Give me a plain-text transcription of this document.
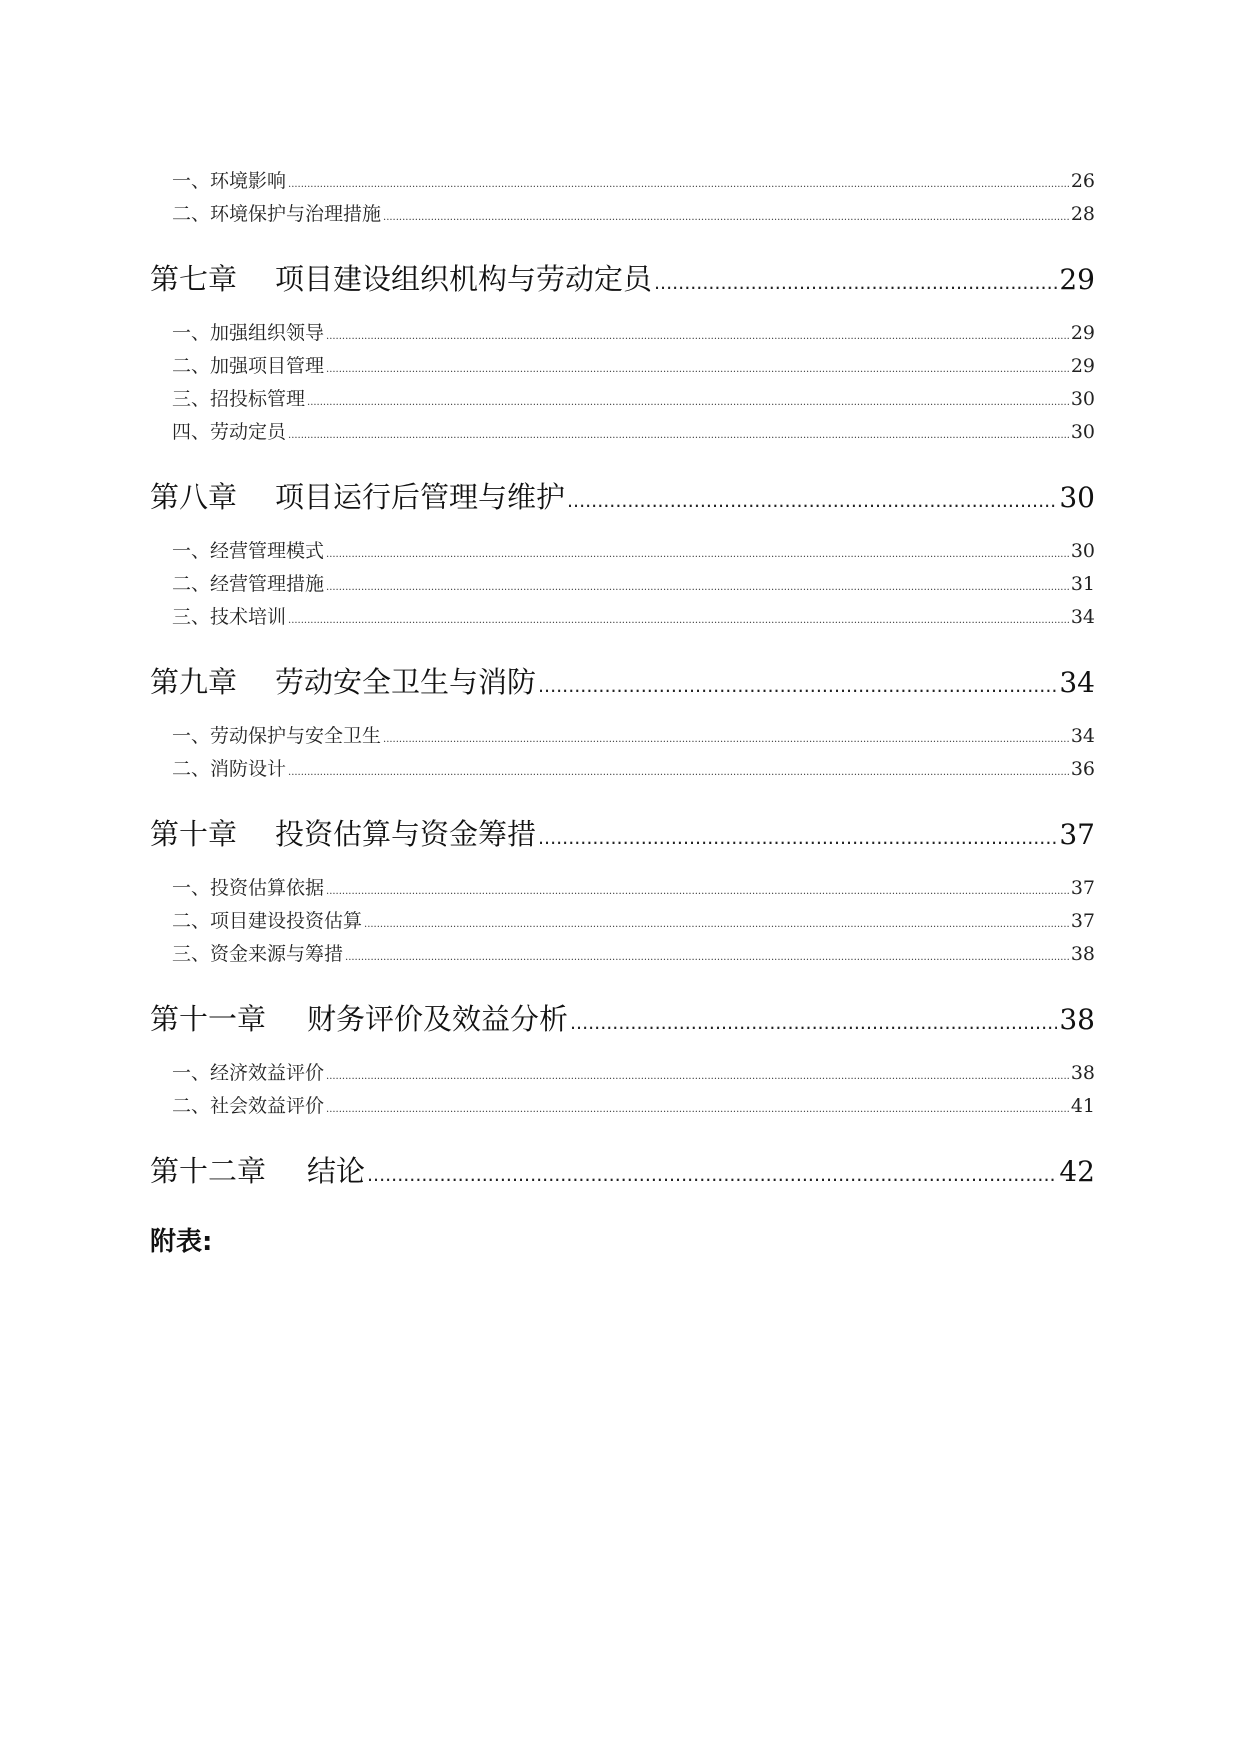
一、环境影响 .....	26
二、环境保护与治理措施 .....	28
第七章 项目建设组织机构与劳动定员 .....	29
一、加强组织领导 .....	29
二、加强项目管理 .....	29
三、招投标管理 .....	30
四、劳动定员 .....	30
第八章 项目运行后管理与维护 .....	30
一、经营管理模式 .....	30
二、经营管理措施 .....	31
三、技术培训 .....	34
第九章 劳动安全卫生与消防 .....	34
一、劳动保护与安全卫生 .....	34
二、消防设计 .....	36
第十章 投资估算与资金筹措 .....	37
一、投资估算依据 .....	37
二、项目建设投资估算 .....	37
三、资金来源与筹措 .....	38
第十一章 财务评价及效益分析 .....	38
一、经济效益评价 .....	38
二、社会效益评价 .....	41
第十二章 结论 .....	42
附表:
